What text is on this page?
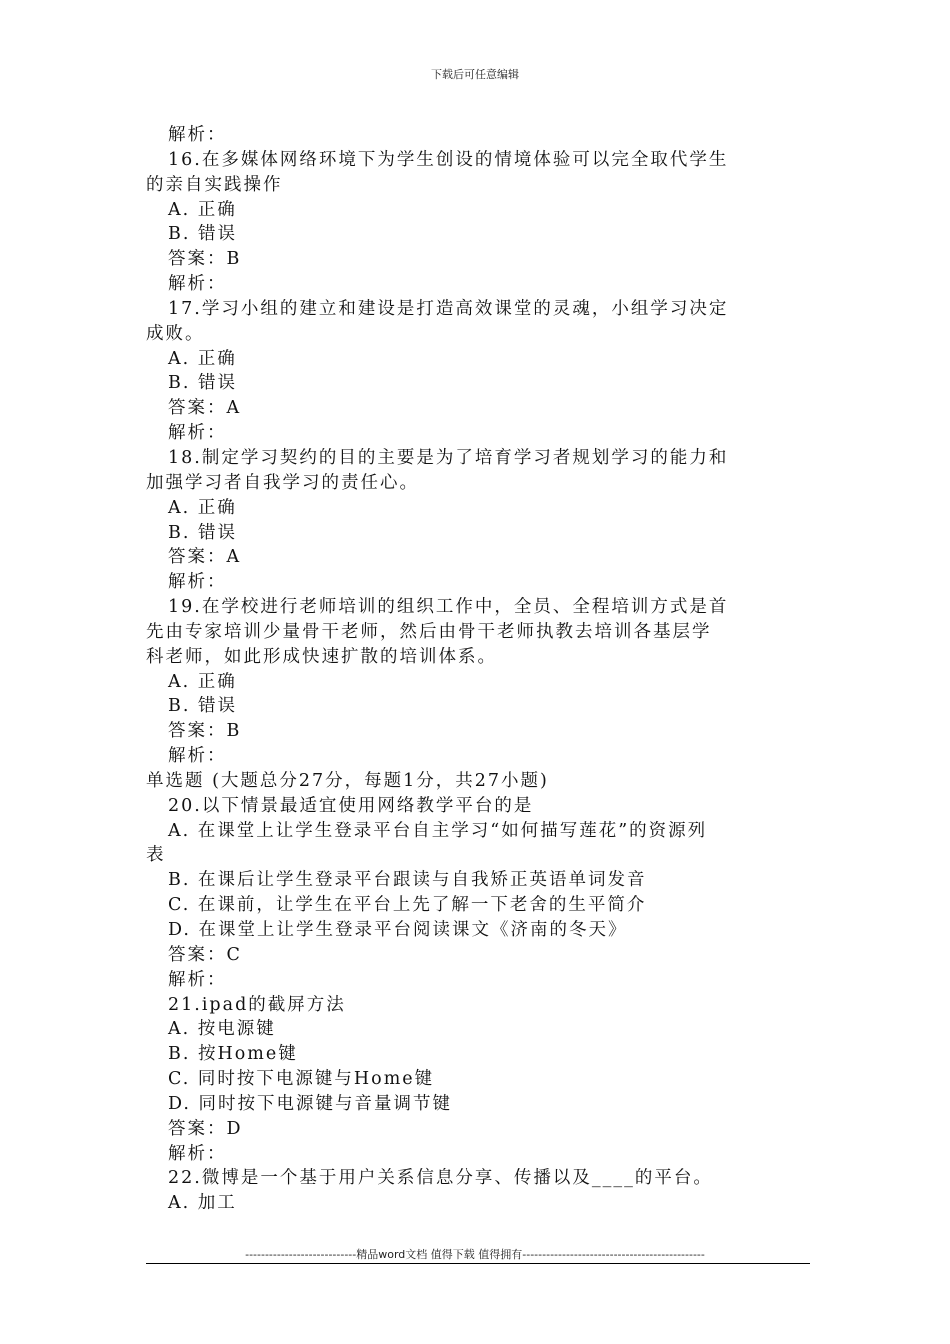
下载后可任意编辑
解析：
16.在多媒体网络环境下为学生创设的情境体验可以完全取代学生
的亲自实践操作
A. 正确
B. 错误
答案：B
解析：
17.学习小组的建立和建设是打造高效课堂的灵魂，小组学习决定
成败。
A. 正确
B. 错误
答案：A
解析：
18.制定学习契约的目的主要是为了培育学习者规划学习的能力和
加强学习者自我学习的责任心。
A. 正确
B. 错误
答案：A
解析：
19.在学校进行老师培训的组织工作中，全员、全程培训方式是首
先由专家培训少量骨干老师，然后由骨干老师执教去培训各基层学
科老师，如此形成快速扩散的培训体系。
A. 正确
B. 错误
答案：B
解析：
单选题 (大题总分27分，每题1分，共27小题)
20.以下情景最适宜使用网络教学平台的是
A. 在课堂上让学生登录平台自主学习“如何描写莲花”的资源列
表
B. 在课后让学生登录平台跟读与自我矫正英语单词发音
C. 在课前，让学生在平台上先了解一下老舍的生平简介
D. 在课堂上让学生登录平台阅读课文《济南的冬天》
答案：C
解析：
21.ipad的截屏方法
A. 按电源键
B. 按Home键
C. 同时按下电源键与Home键
D. 同时按下电源键与音量调节键
答案：D
解析：
22.微博是一个基于用户关系信息分享、传播以及____的平台。
A. 加工
----------------------------精品word文档 值得下载 值得拥有----------------------------------------------
